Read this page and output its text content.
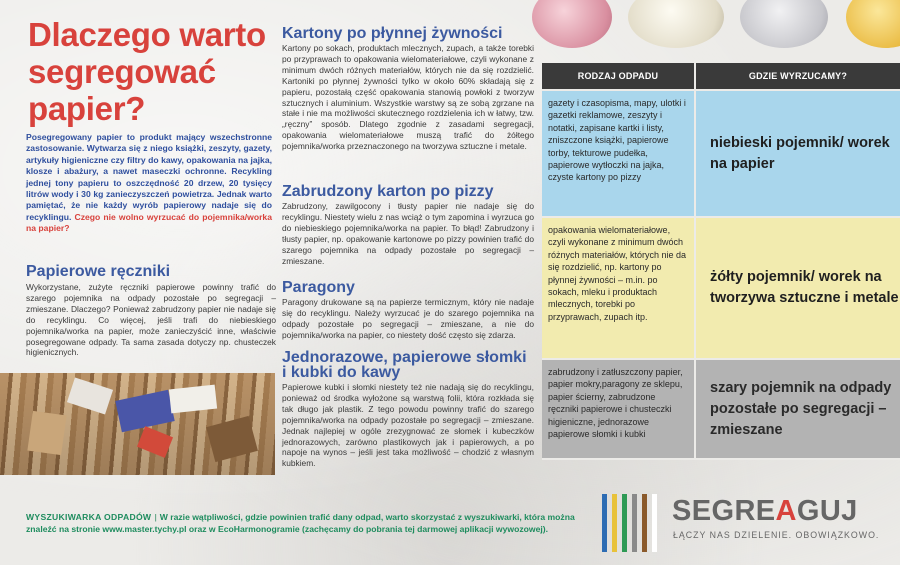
Dlaczego warto segregować papier?
Posegregowany papier to produkt mający wszechstronne zastosowanie. Wytwarza się z niego książki, zeszyty, gazety, artykuły higieniczne czy filtry do kawy, opakowania na jajka, klosze i abażury, a nawet maseczki ochronne. Recykling jednej tony papieru to oszczędność 20 drzew, 20 tysięcy litrów wody i 30 kg zanieczyszczeń powietrza. Jednak warto pamiętać, że nie każdy wyrób papierowy nadaje się do recyklingu. Czego nie wolno wyrzucać do pojemnika/worka na papier?
Papierowe ręczniki
Wykorzystane, zużyte ręczniki papierowe powinny trafić do szarego pojemnika na odpady pozostałe po segregacji – zmieszane. Dlaczego? Ponieważ zabrudzony papier nie nadaje się do recyklingu. Co więcej, jeśli trafi do niebieskiego pojemnika/worka na papier, może zanieczyścić inne, właściwie posegregowane odpady. Ta sama zasada dotyczy np. chusteczek higienicznych.
Kartony po płynnej żywności
Kartony po sokach, produktach mlecznych, zupach, a także torebki po przyprawach to opakowania wielomateriałowe, czyli wykonane z minimum dwóch różnych materiałów, których nie da się rozdzielić. Kartoniki po płynnej żywności tylko w około 60% składają się z papieru, pozostałą część opakowania stanowią powłoki z tworzyw sztucznych i aluminium. Wszystkie warstwy są ze sobą zgrzane na stałe i nie ma możliwości skutecznego rozdzielenia ich w łatwy, tzw. „ręczny” sposób. Dlatego zgodnie z zasadami segregacji, opakowania wielomateriałowe muszą trafić do żółtego pojemnika/worka przeznaczonego na tworzywa sztuczne i metale.
Zabrudzony karton po pizzy
Zabrudzony, zawilgocony i tłusty papier nie nadaje się do recyklingu. Niestety wielu z nas wciąż o tym zapomina i wyrzuca go do niebieskiego pojemnika/worka na papier. To błąd! Zabrudzony i tłusty papier, np. opakowanie kartonowe po pizzy powinien trafić do szarego pojemnika na odpady pozostałe po segregacji – zmieszane.
Paragony
Paragony drukowane są na papierze termicznym, który nie nadaje się do recyklingu. Należy wyrzucać je do szarego pojemnika na odpady pozostałe po segregacji – zmieszane, a nie do pojemnika/worka na papier, co niestety dość często się zdarza.
Jednorazowe, papierowe słomki i kubki do kawy
Papierowe kubki i słomki niestety też nie nadają się do recyklingu, ponieważ od środka wyłożone są warstwą folii, która rozkłada się tak długo jak plastik. Z tego powodu powinny trafić do szarego pojemnika/worka na odpady pozostałe po segregacji – zmieszane. Jednak najlepiej w ogóle zrezygnować ze słomek i kubeczków jednorazowych, zarówno plastikowych jak i papierowych, a po napoje na wynos – jeśli jest taka możliwość – chodzić z własnym kubkiem.
RODZAJ ODPADU	GDZIE WYRZUCAMY?
gazety i czasopisma, mapy, ulotki i gazetki reklamowe, zeszyty i notatki, zapisane kartki i listy, zniszczone książki, papierowe torby, tekturowe pudełka, papierowe wytłoczki na jajka, czyste kartony po pizzy
niebieski pojemnik/ worek na papier
opakowania wielomateriałowe, czyli wykonane z minimum dwóch różnych materiałów, których nie da się rozdzielić, np. kartony po płynnej żywności – m.in. po sokach, mleku i produktach mlecznych, torebki po przyprawach, zupach itp.
żółty pojemnik/ worek na tworzywa sztuczne i metale
zabrudzony i zatłuszczony papier, papier mokry,paragony ze sklepu, papier ścierny, zabrudzone ręczniki papierowe i chusteczki higieniczne, jednorazowe papierowe słomki i kubki
szary pojemnik na odpady pozostałe po segregacji – zmieszane
WYSZUKIWARKA ODPADÓW | W razie wątpliwości, gdzie powinien trafić dany odpad, warto skorzystać z wyszukiwarki, która można znaleźć na stronie www.master.tychy.pl oraz w EcoHarmonogramie (zachęcamy do pobrania tej darmowej aplikacji wywozowej).
SEGREAGUJ
ŁĄCZY NAS DZIELENIE. OBOWIĄZKOWO.
